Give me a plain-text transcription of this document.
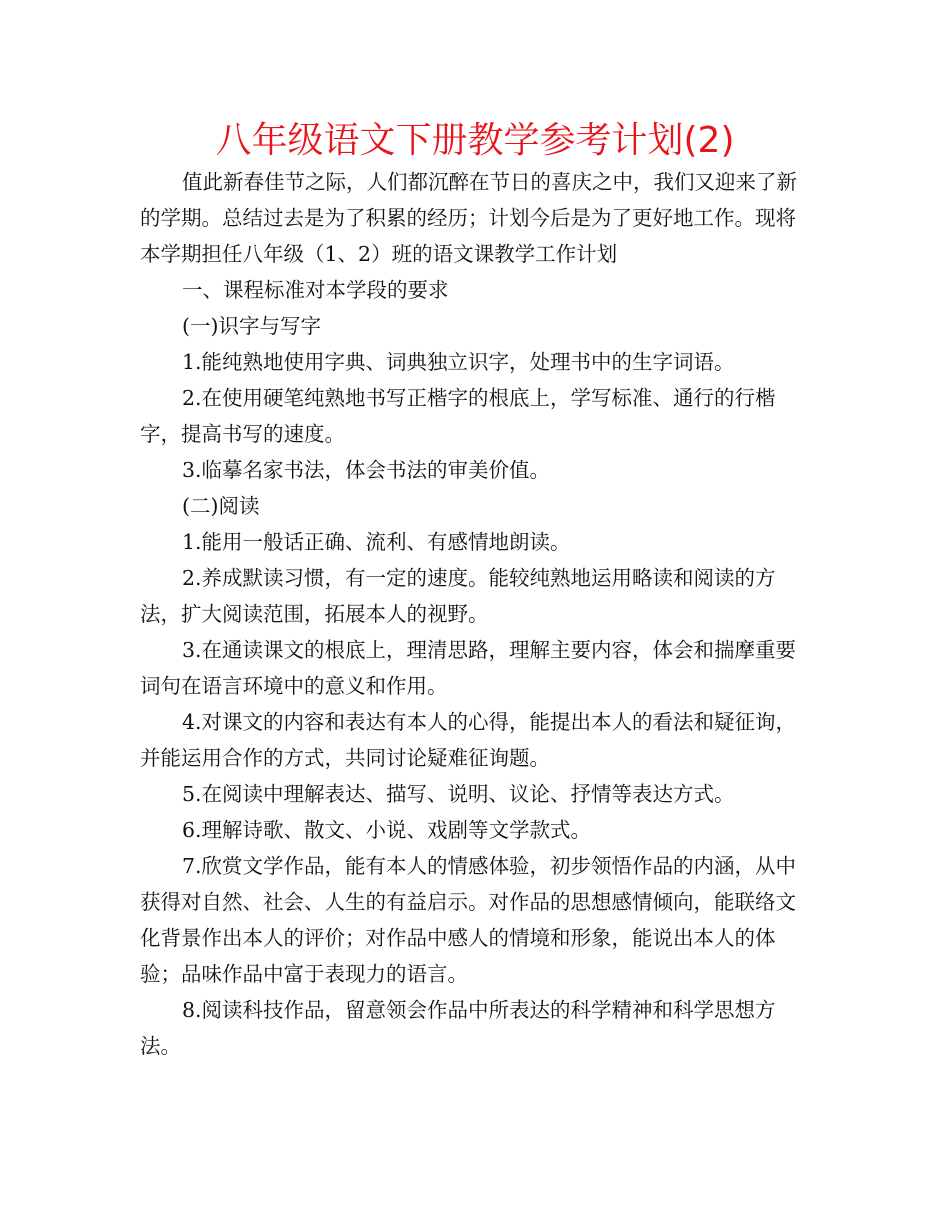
八年级语文下册教学参考计划(2)

值此新春佳节之际，人们都沉醉在节日的喜庆之中，我们又迎来了新的学期。总结过去是为了积累的经历；计划今后是为了更好地工作。现将本学期担任八年级（1、2）班的语文课教学工作计划

一、课程标准对本学段的要求

(一)识字与写字

1.能纯熟地使用字典、词典独立识字，处理书中的生字词语。

2.在使用硬笔纯熟地书写正楷字的根底上，学写标准、通行的行楷字，提高书写的速度。

3.临摹名家书法，体会书法的审美价值。

(二)阅读

1.能用一般话正确、流利、有感情地朗读。

2.养成默读习惯，有一定的速度。能较纯熟地运用略读和阅读的方法，扩大阅读范围，拓展本人的视野。

3.在通读课文的根底上，理清思路，理解主要内容，体会和揣摩重要词句在语言环境中的意义和作用。

4.对课文的内容和表达有本人的心得，能提出本人的看法和疑征询，并能运用合作的方式，共同讨论疑难征询题。

5.在阅读中理解表达、描写、说明、议论、抒情等表达方式。

6.理解诗歌、散文、小说、戏剧等文学款式。

7.欣赏文学作品，能有本人的情感体验，初步领悟作品的内涵，从中获得对自然、社会、人生的有益启示。对作品的思想感情倾向，能联络文化背景作出本人的评价；对作品中感人的情境和形象，能说出本人的体验；品味作品中富于表现力的语言。

8.阅读科技作品，留意领会作品中所表达的科学精神和科学思想方法。
